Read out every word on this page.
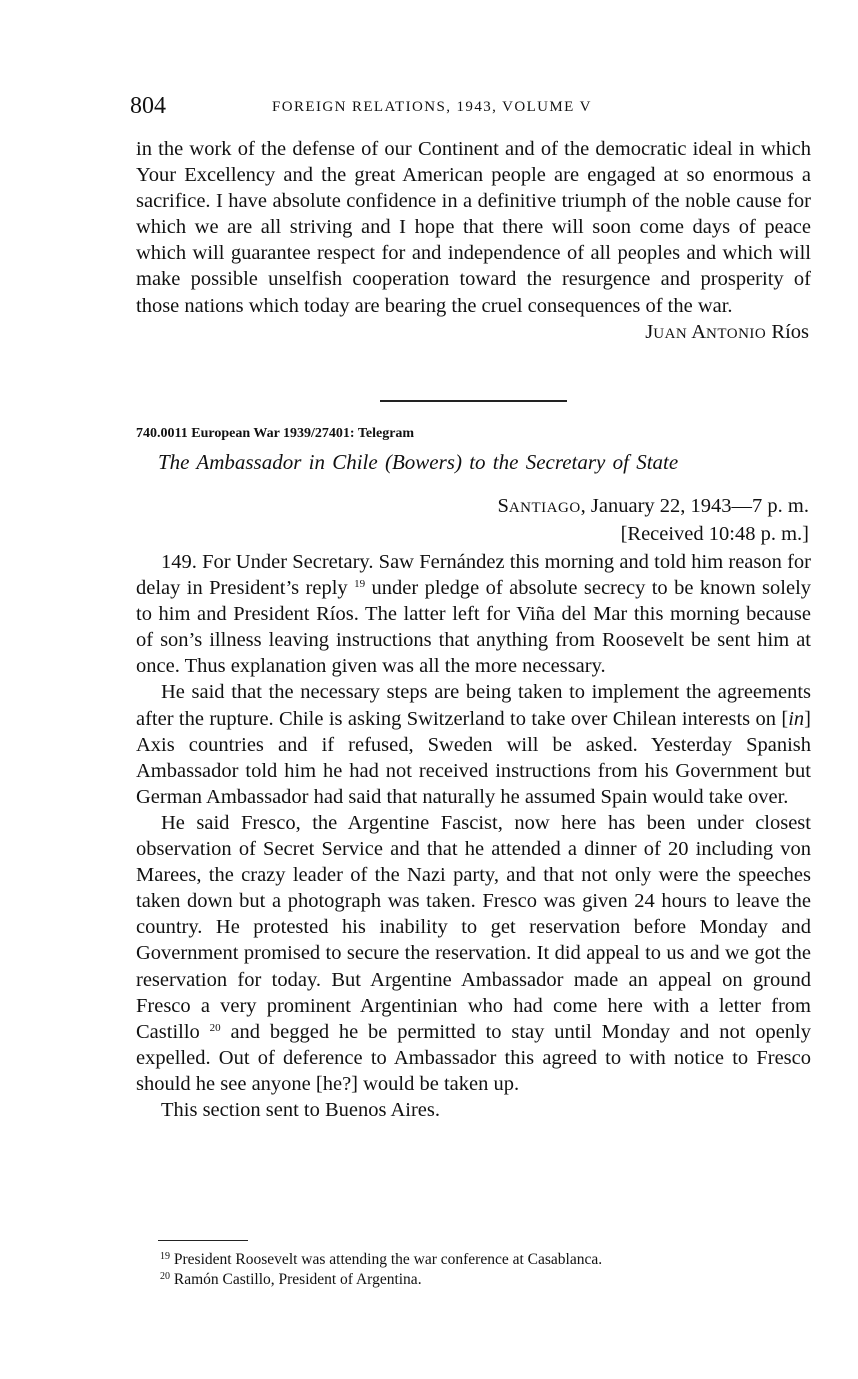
804	FOREIGN RELATIONS, 1943, VOLUME V

in the work of the defense of our Continent and of the democratic ideal in which Your Excellency and the great American people are engaged at so enormous a sacrifice. I have absolute confidence in a definitive triumph of the noble cause for which we are all striving and I hope that there will soon come days of peace which will guarantee respect for and independence of all peoples and which will make possible unselfish cooperation toward the resurgence and prosperity of those nations which today are bearing the cruel consequences of the war.

JUAN ANTONIO Ríos

740.0011 European War 1939/27401: Telegram
The Ambassador in Chile (Bowers) to the Secretary of State
SANTIAGO, January 22, 1943—7 p. m.
[Received 10:48 p. m.]

149. For Under Secretary. Saw Fernández this morning and told him reason for delay in President’s reply $^{19}$ under pledge of absolute secrecy to be known solely to him and President Ríos. The latter left for Viña del Mar this morning because of son’s illness leaving instructions that anything from Roosevelt be sent him at once. Thus explanation given was all the more necessary.

He said that the necessary steps are being taken to implement the agreements after the rupture. Chile is asking Switzerland to take over Chilean interests on [in] Axis countries and if refused, Sweden will be asked. Yesterday Spanish Ambassador told him he had not received instructions from his Government but German Ambassador had said that naturally he assumed Spain would take over.

He said Fresco, the Argentine Fascist, now here has been under closest observation of Secret Service and that he attended a dinner of 20 including von Marees, the crazy leader of the Nazi party, and that not only were the speeches taken down but a photograph was taken. Fresco was given 24 hours to leave the country. He protested his inability to get reservation before Monday and Government promised to secure the reservation. It did appeal to us and we got the reservation for today. But Argentine Ambassador made an appeal on ground Fresco a very prominent Argentinian who had come here with a letter from Castillo $^{20}$ and begged he be permitted to stay until Monday and not openly expelled. Out of deference to Ambassador this agreed to with notice to Fresco should he see anyone [he?] would be taken up.

This section sent to Buenos Aires.

$^{19}$ President Roosevelt was attending the war conference at Casablanca.

$^{20}$ Ramón Castillo, President of Argentina.
